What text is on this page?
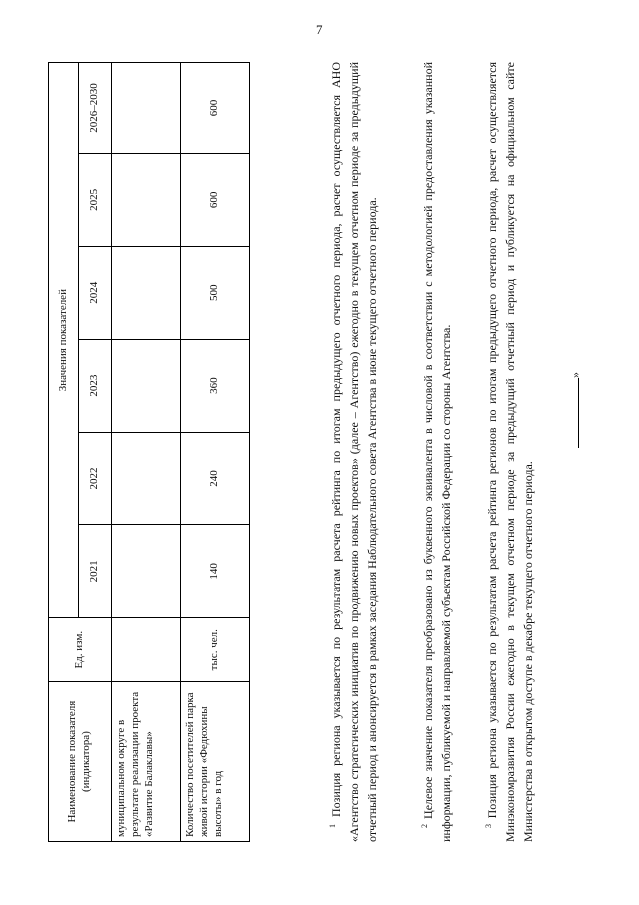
7
Наименование показателя (индикатора)	Ед. изм.	Значения показателей					
		2021	2022	2023	2024	2025	2026–2030
муниципальном округе в результате реализации проекта «Развитие Балаклавы»							
Количество посетителей парка живой истории «Федюхины высоты» в год	тыс. чел.	140	240	360	500	600	600
$^1$ Позиция региона указывается по результатам расчета рейтинга по итогам предыдущего отчетного периода, расчет осуществляется АНО «Агентство стратегических инициатив по продвижению новых проектов» (далее – Агентство) ежегодно в текущем отчетном периоде за предыдущий отчетный период и анонсируется в рамках заседания Наблюдательного совета Агентства в июне текущего отчетного периода.	$^2$ Целевое значение показателя преобразовано из буквенного эквивалента в числовой в соответствии с методологией предоставления указанной информации, публикуемой и направляемой субъектам Российской Федерации со стороны Агентства.	$^3$ Позиция региона указывается по результатам расчета рейтинга регионов по итогам предыдущего отчетного периода, расчет осуществляется Минэкономразвития России ежегодно в текущем отчетном периоде за предыдущий отчетный период и публикуется на официальном сайте Министерства в открытом доступе в декабре текущего отчетного периода.
»
